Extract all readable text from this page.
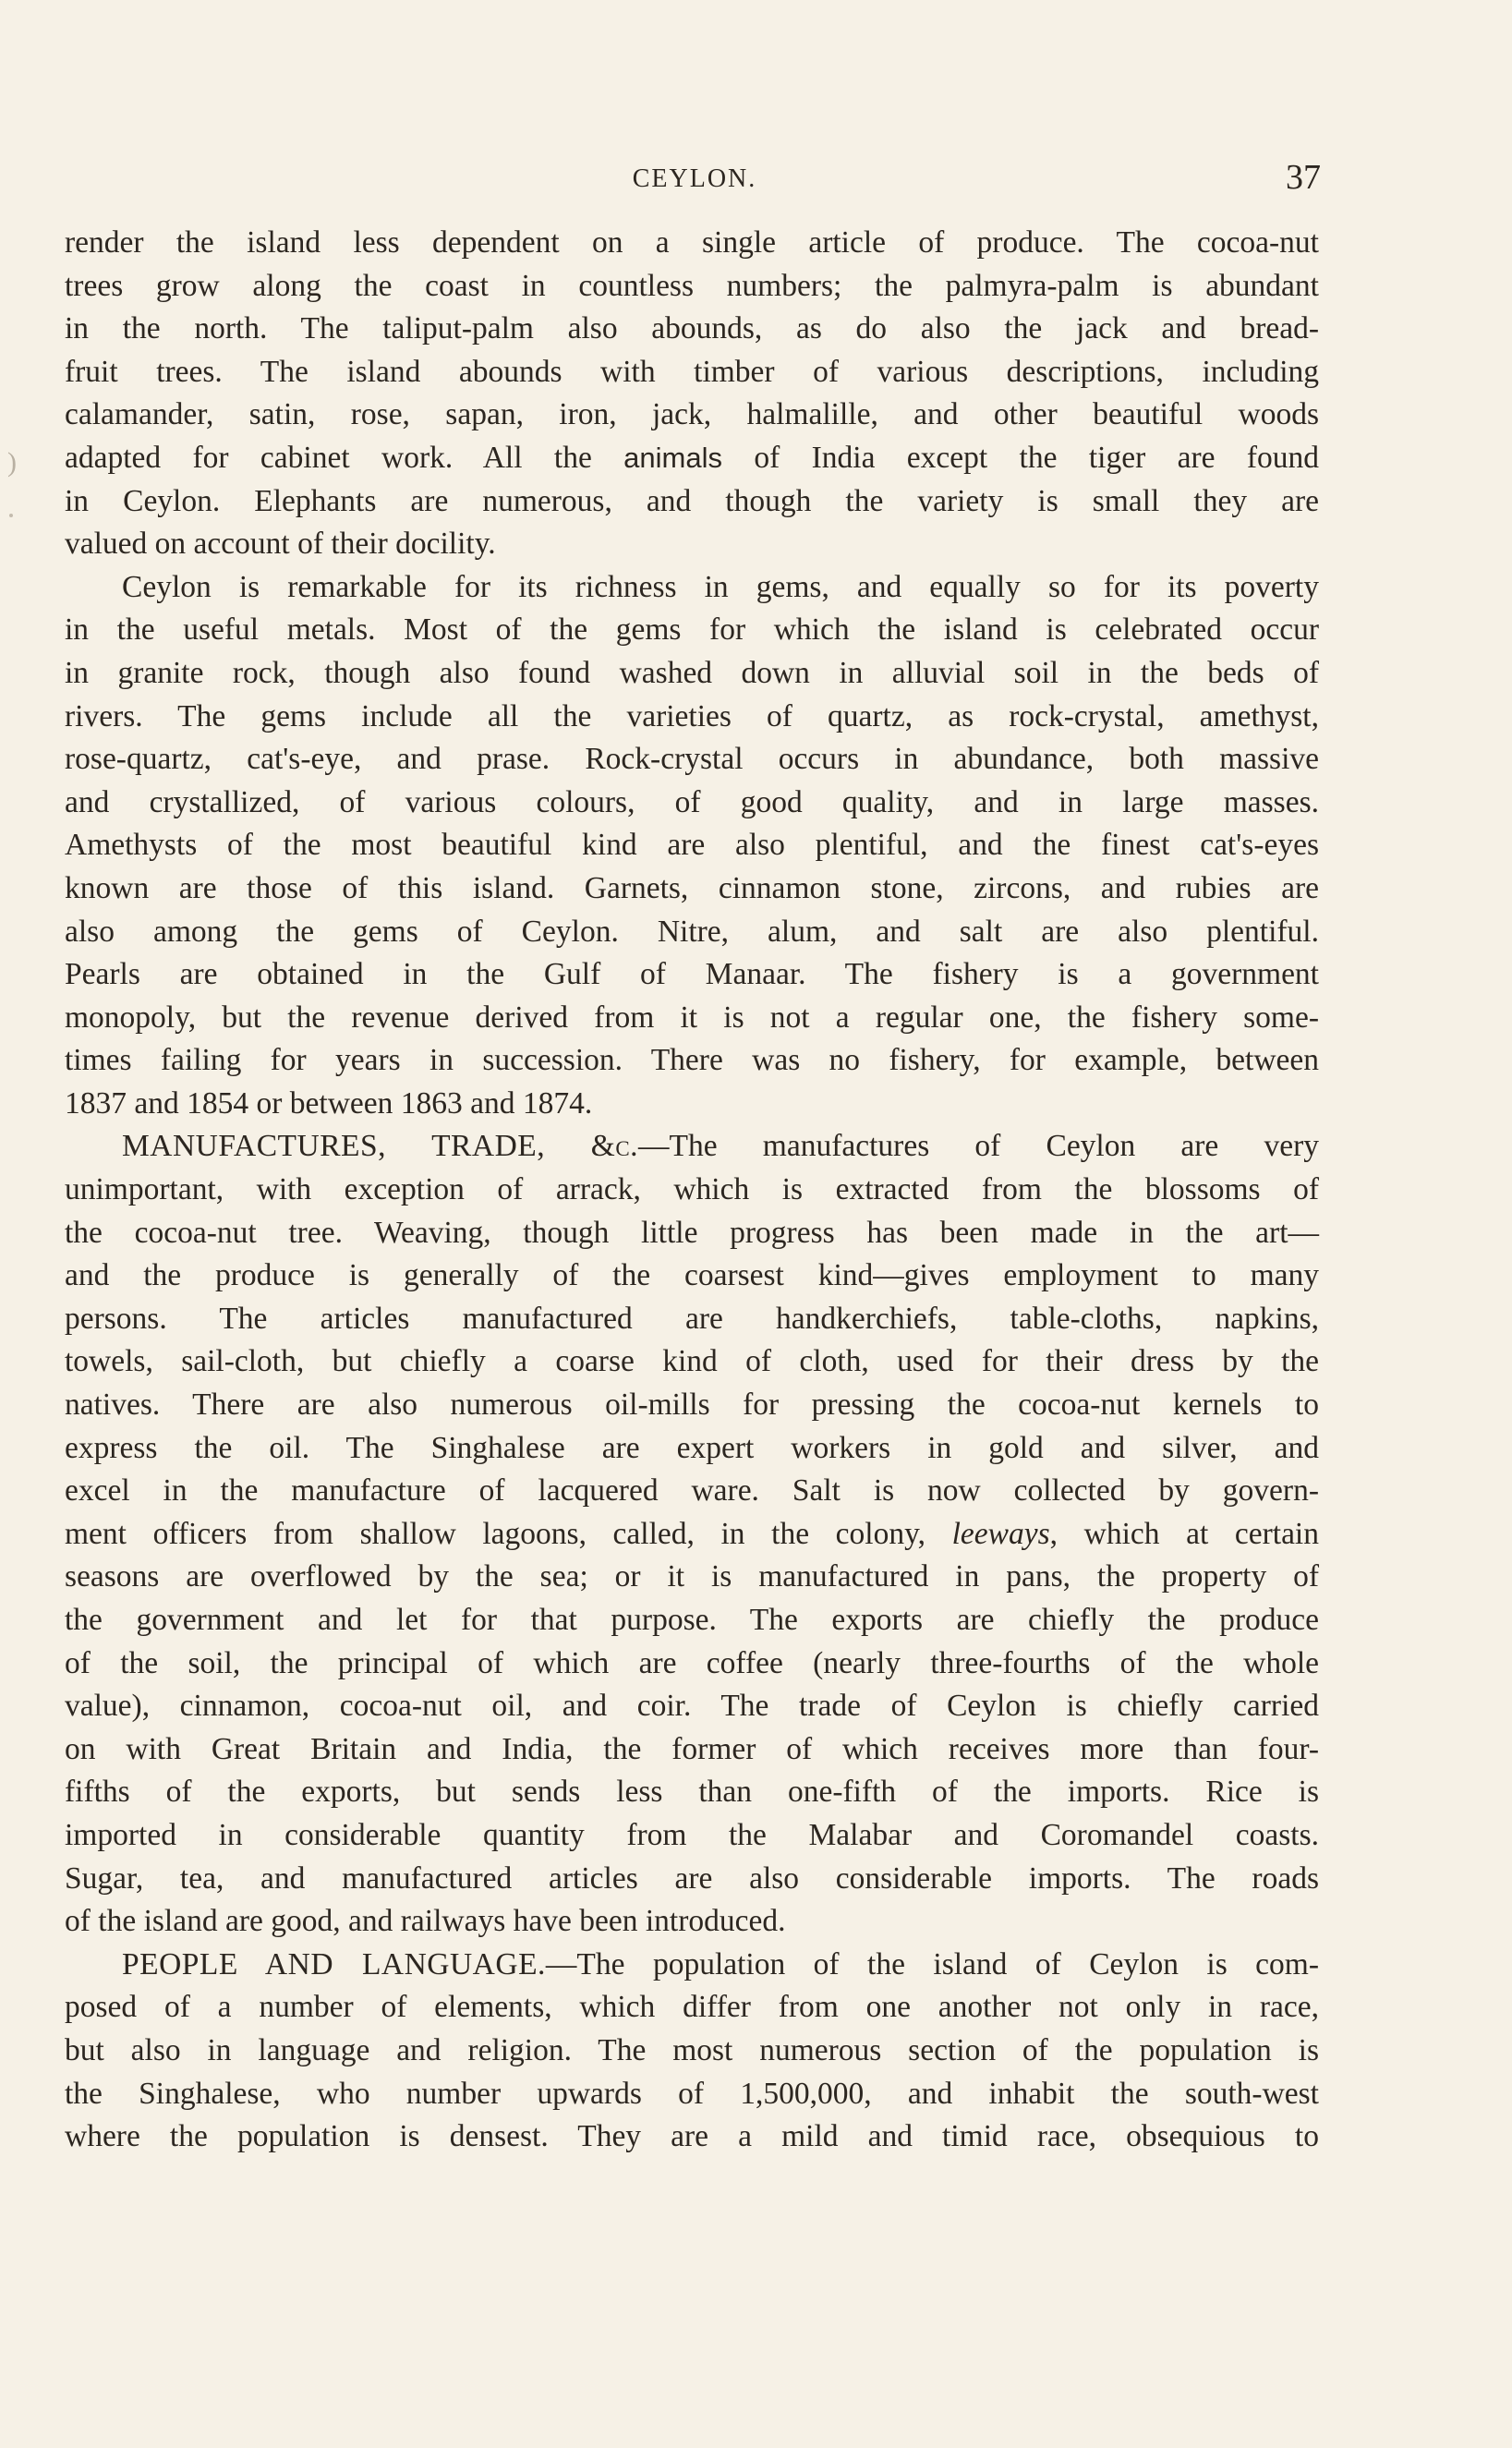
CEYLON.	37
)
render the island less dependent on a single article of produce. The cocoa-nut
trees grow along the coast in countless numbers; the palmyra-palm is abundant
in the north. The taliput-palm also abounds, as do also the jack and bread-
fruit trees. The island abounds with timber of various descriptions, including
calamander, satin, rose, sapan, iron, jack, halmalille, and other beautiful woods
adapted for cabinet work. All the animals of India except the tiger are found
in Ceylon. Elephants are numerous, and though the variety is small they are
valued on account of their docility.
Ceylon is remarkable for its richness in gems, and equally so for its poverty
in the useful metals. Most of the gems for which the island is celebrated occur
in granite rock, though also found washed down in alluvial soil in the beds of
rivers. The gems include all the varieties of quartz, as rock-crystal, amethyst,
rose-quartz, cat's-eye, and prase. Rock-crystal occurs in abundance, both massive
and crystallized, of various colours, of good quality, and in large masses.
Amethysts of the most beautiful kind are also plentiful, and the finest cat's-eyes
known are those of this island. Garnets, cinnamon stone, zircons, and rubies are
also among the gems of Ceylon. Nitre, alum, and salt are also plentiful.
Pearls are obtained in the Gulf of Manaar. The fishery is a government
monopoly, but the revenue derived from it is not a regular one, the fishery some-
times failing for years in succession. There was no fishery, for example, between
1837 and 1854 or between 1863 and 1874.
MANUFACTURES, TRADE, &c.—The manufactures of Ceylon are very
unimportant, with exception of arrack, which is extracted from the blossoms of
the cocoa-nut tree. Weaving, though little progress has been made in the art—
and the produce is generally of the coarsest kind—gives employment to many
persons. The articles manufactured are handkerchiefs, table-cloths, napkins,
towels, sail-cloth, but chiefly a coarse kind of cloth, used for their dress by the
natives. There are also numerous oil-mills for pressing the cocoa-nut kernels to
express the oil. The Singhalese are expert workers in gold and silver, and
excel in the manufacture of lacquered ware. Salt is now collected by govern-
ment officers from shallow lagoons, called, in the colony, leeways, which at certain
seasons are overflowed by the sea; or it is manufactured in pans, the property of
the government and let for that purpose. The exports are chiefly the produce
of the soil, the principal of which are coffee (nearly three-fourths of the whole
value), cinnamon, cocoa-nut oil, and coir. The trade of Ceylon is chiefly carried
on with Great Britain and India, the former of which receives more than four-
fifths of the exports, but sends less than one-fifth of the imports. Rice is
imported in considerable quantity from the Malabar and Coromandel coasts.
Sugar, tea, and manufactured articles are also considerable imports. The roads
of the island are good, and railways have been introduced.
PEOPLE AND LANGUAGE.—The population of the island of Ceylon is com-
posed of a number of elements, which differ from one another not only in race,
but also in language and religion. The most numerous section of the population is
the Singhalese, who number upwards of 1,500,000, and inhabit the south-west
where the population is densest. They are a mild and timid race, obsequious to
